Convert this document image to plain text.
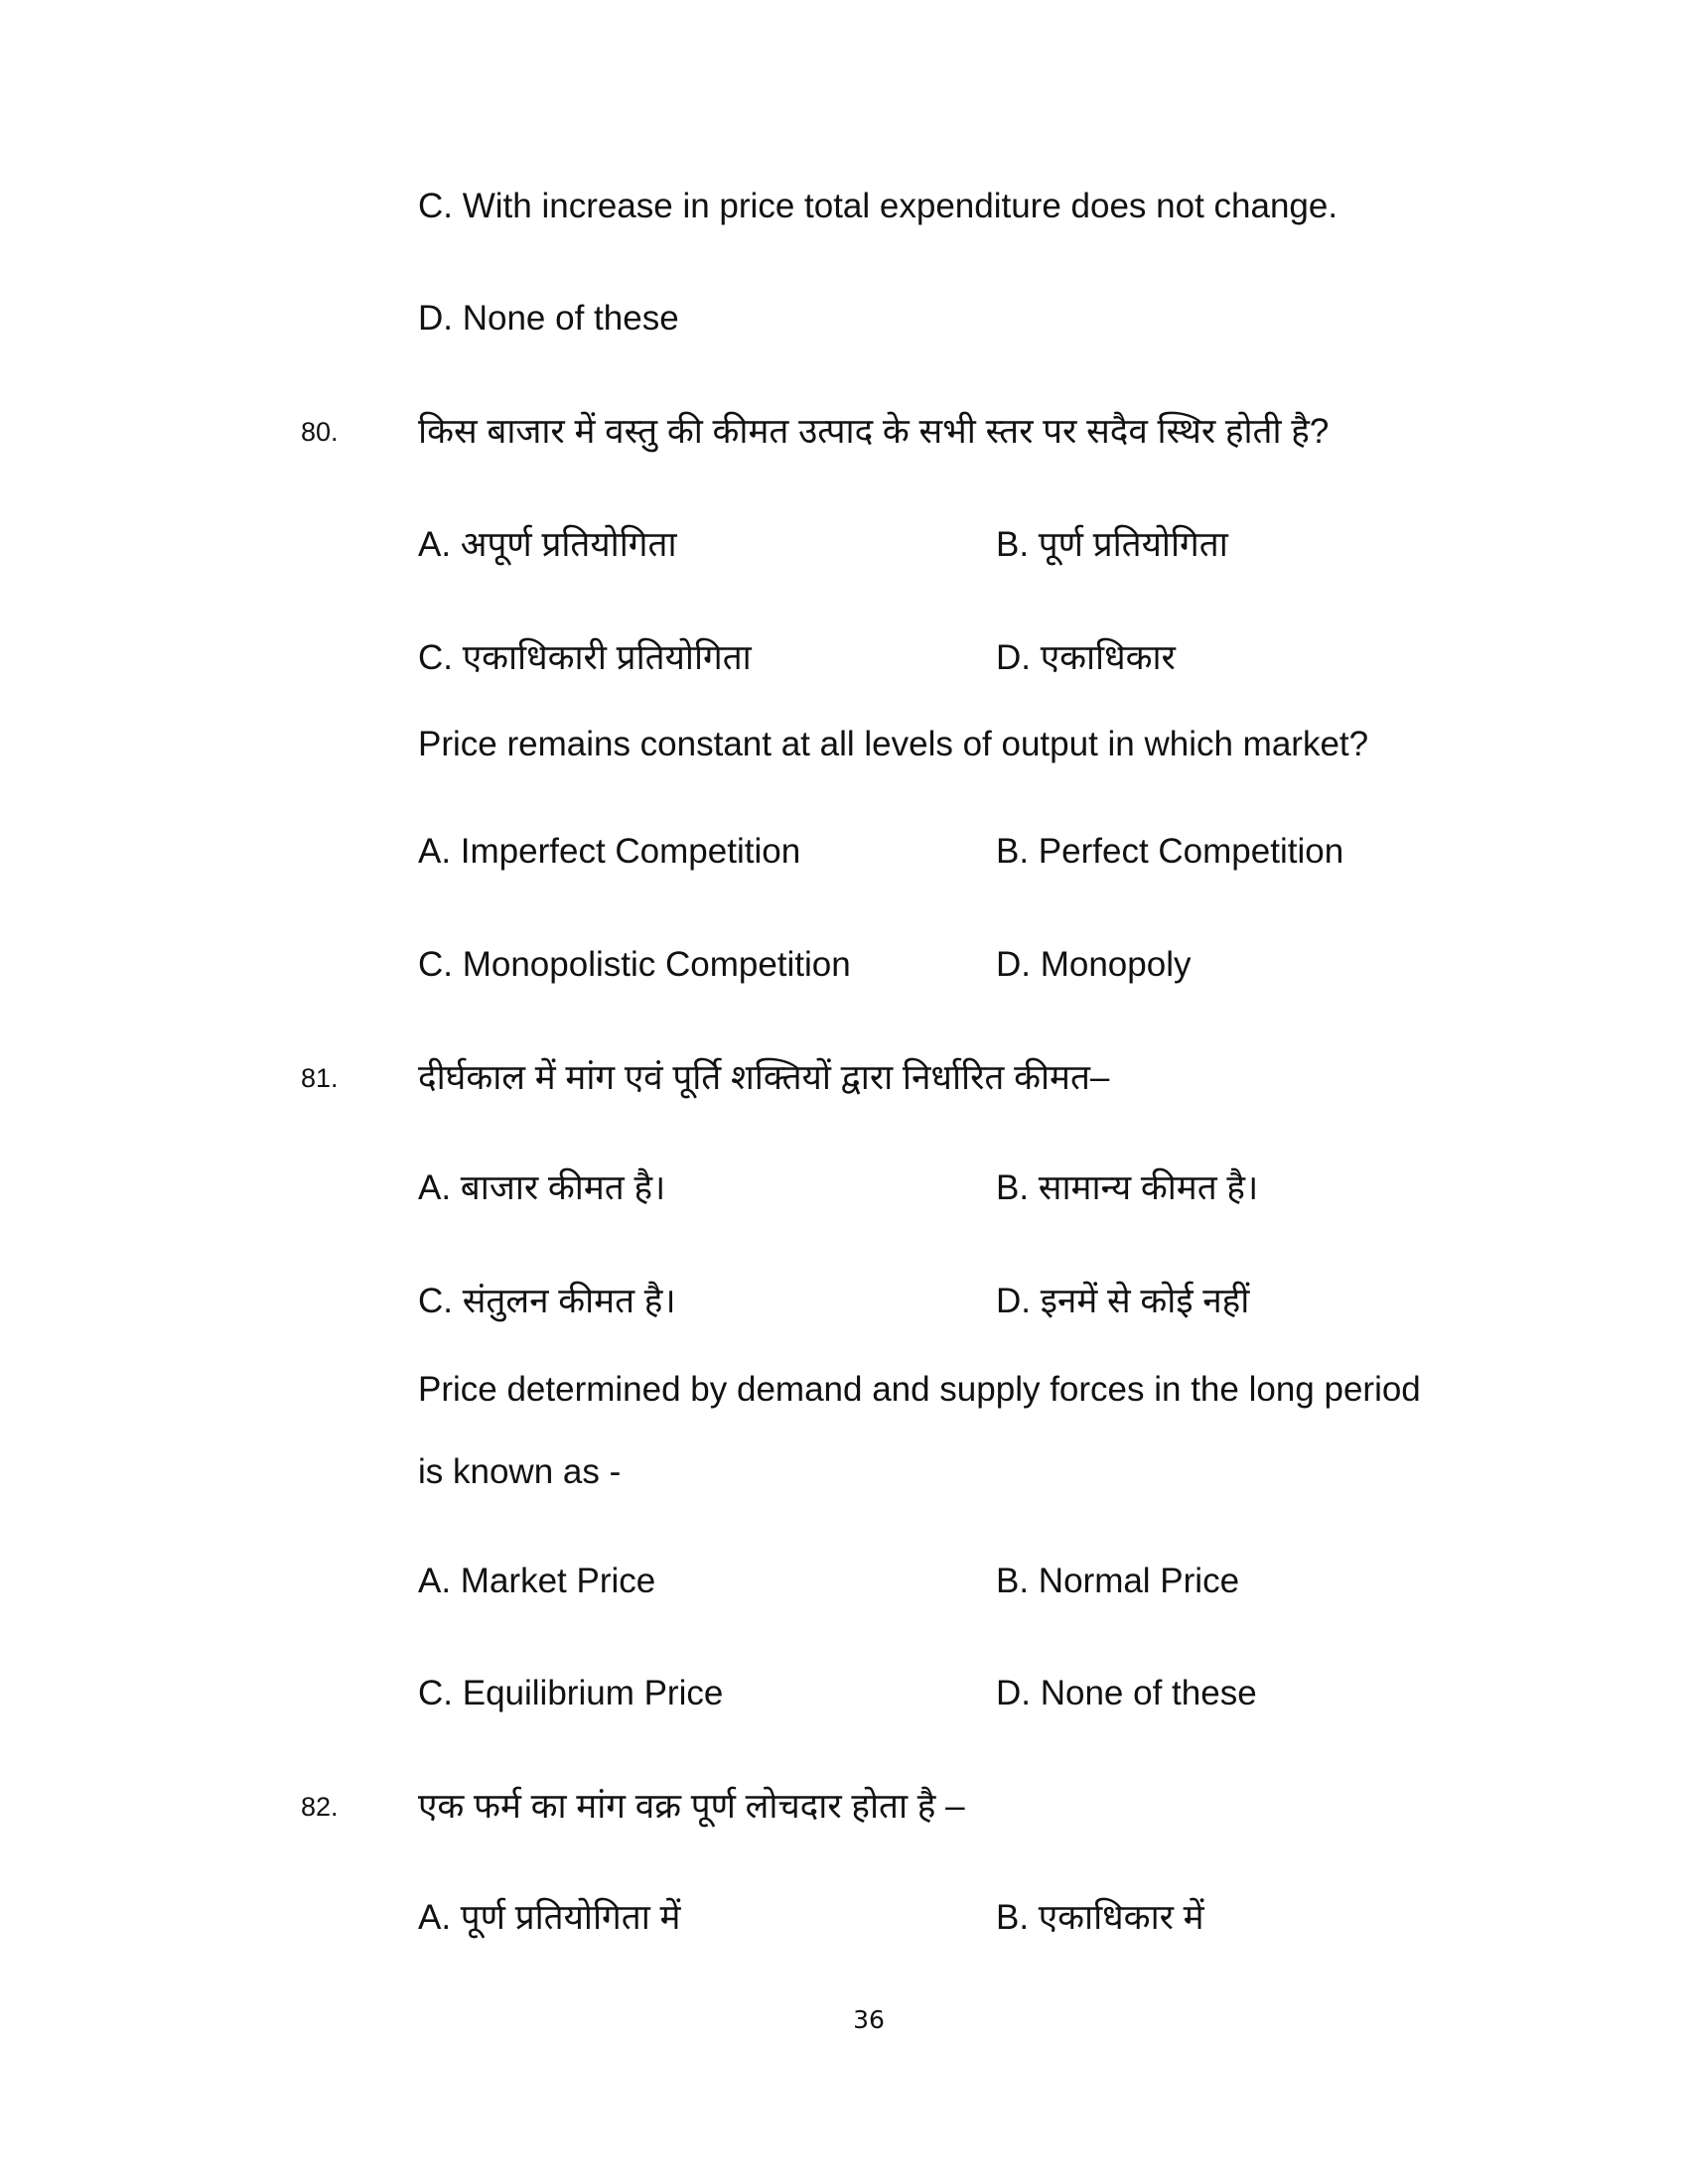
C. With increase in price total expenditure does not change.
D. None of these
80. किस बाजार में वस्तु की कीमत उत्पाद के सभी स्तर पर सदैव स्थिर होती है?
A. अपूर्ण प्रतियोगिता	B. पूर्ण प्रतियोगिता
C. एकाधिकारी प्रतियोगिता	D. एकाधिकार
Price remains constant at all levels of output in which market?
A. Imperfect Competition	B. Perfect Competition
C. Monopolistic Competition	D. Monopoly
81. दीर्घकाल में मांग एवं पूर्ति शक्तियों द्वारा निर्धारित कीमत–
A. बाजार कीमत है।	B. सामान्य कीमत है।
C. संतुलन कीमत है।	D. इनमें से कोई नहीं
Price determined by demand and supply forces in the long period
is known as -
A. Market Price	B. Normal Price
C. Equilibrium Price	D. None of these
82. एक फर्म का मांग वक्र पूर्ण लोचदार होता है –
A. पूर्ण प्रतियोगिता में	B. एकाधिकार में
36
